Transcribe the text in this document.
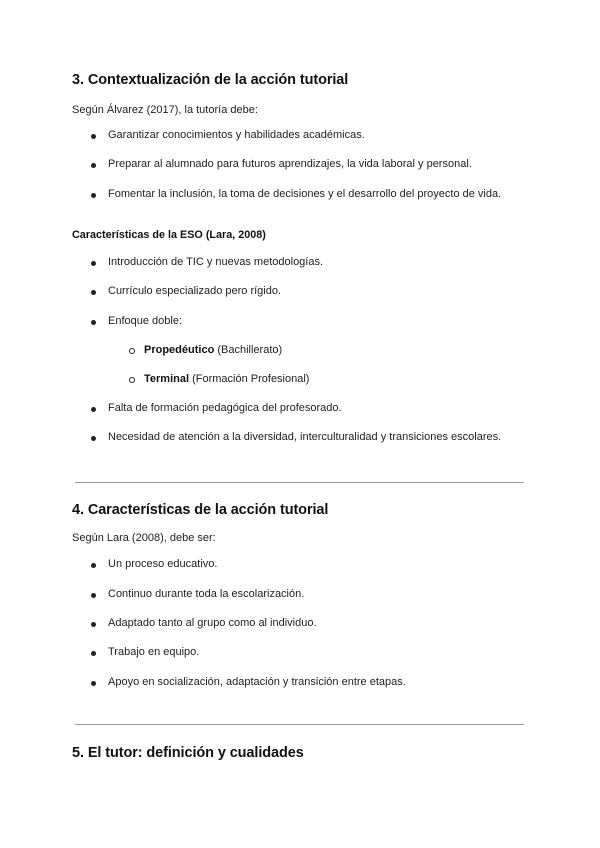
3. Contextualización de la acción tutorial

Según Álvarez (2017), la tutoría debe:

Garantizar conocimientos y habilidades académicas.
Preparar al alumnado para futuros aprendizajes, la vida laboral y personal.
Fomentar la inclusión, la toma de decisiones y el desarrollo del proyecto de vida.

Características de la ESO (Lara, 2008)

Introducción de TIC y nuevas metodologías.
Currículo especializado pero rígido.
Enfoque doble:
Propedéutico (Bachillerato)
Terminal (Formación Profesional)
Falta de formación pedagógica del profesorado.
Necesidad de atención a la diversidad, interculturalidad y transiciones escolares.
4. Características de la acción tutorial

Según Lara (2008), debe ser:

Un proceso educativo.
Continuo durante toda la escolarización.
Adaptado tanto al grupo como al individuo.
Trabajo en equipo.
Apoyo en socialización, adaptación y transición entre etapas.
5. El tutor: definición y cualidades
